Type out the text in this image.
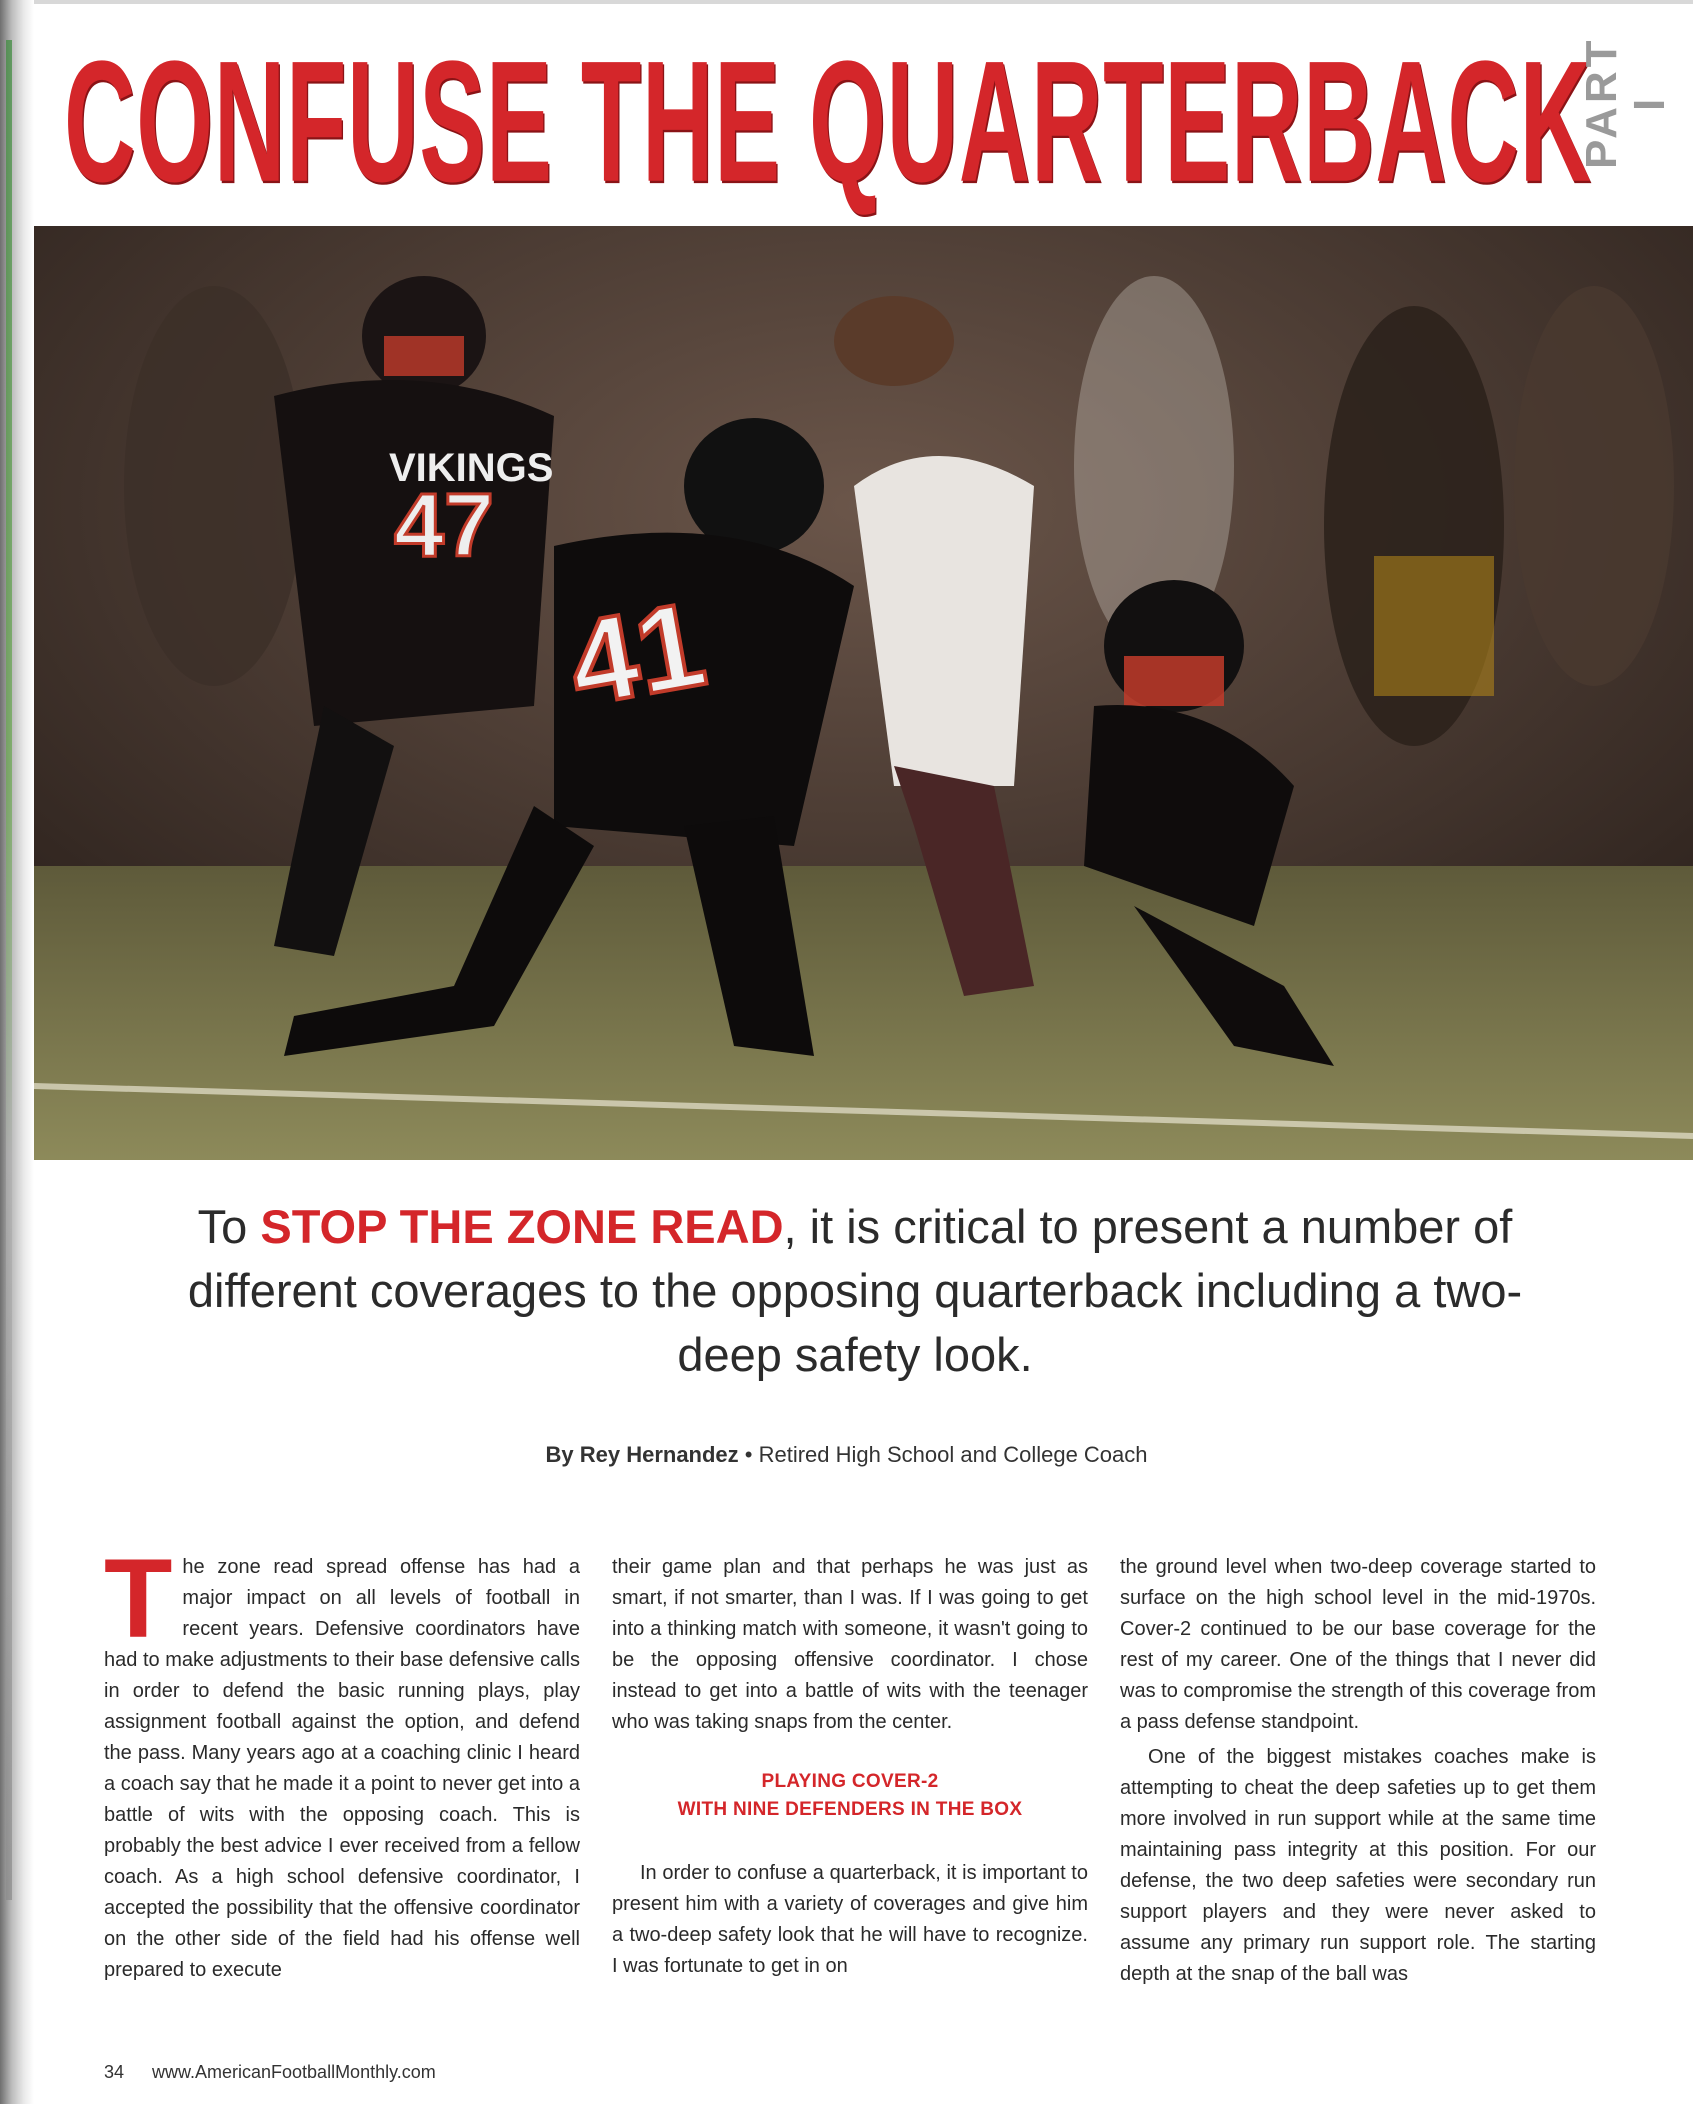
CONFUSE THE QUARTERBACK
PART I
VIKINGS
47
41
To STOP THE ZONE READ, it is critical to present a number of different coverages to the opposing quarterback including a two-deep safety look.
By Rey Hernandez • Retired High School and College Coach

The zone read spread offense has had a major impact on all levels of football in recent years. Defensive coordinators have had to make adjustments to their base defensive calls in order to defend the basic running plays, play assignment football against the option, and defend the pass. Many years ago at a coaching clinic I heard a coach say that he made it a point to never get into a battle of wits with the opposing coach. This is probably the best advice I ever received from a fellow coach. As a high school defensive coordinator, I accepted the possibility that the offensive coordinator on the other side of the field had his offense well prepared to execute

their game plan and that perhaps he was just as smart, if not smarter, than I was. If I was going to get into a thinking match with someone, it wasn't going to be the opposing offensive coordinator. I chose instead to get into a battle of wits with the teenager who was taking snaps from the center.

PLAYING COVER-2
WITH NINE DEFENDERS IN THE BOX

In order to confuse a quarterback, it is important to present him with a variety of coverages and give him a two-deep safety look that he will have to recognize. I was fortunate to get in on

the ground level when two-deep coverage started to surface on the high school level in the mid-1970s. Cover-2 continued to be our base coverage for the rest of my career. One of the things that I never did was to compromise the strength of this coverage from a pass defense standpoint.

One of the biggest mistakes coaches make is attempting to cheat the deep safeties up to get them more involved in run support while at the same time maintaining pass integrity at this position. For our defense, the two deep safeties were secondary run support players and they were never asked to assume any primary run support role. The starting depth at the snap of the ball was

34 www.AmericanFootballMonthly.com
